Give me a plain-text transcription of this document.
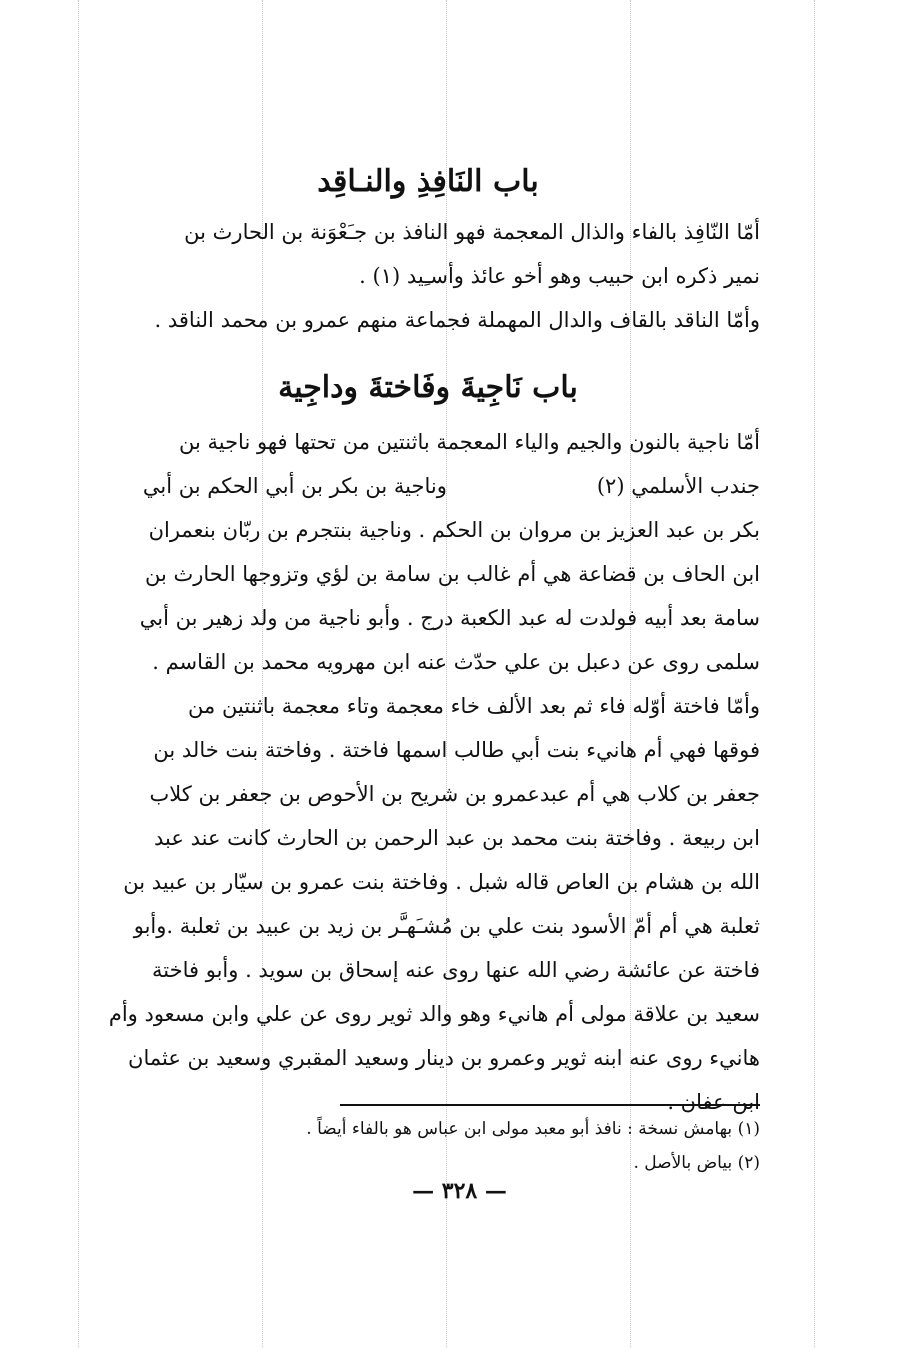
باب النَافِذِ والنـاقِد

أمّا النّافِذ بالفاء والذال المعجمة فهو النافذ بن جـَعْوَنة بن الحارث بن

نمير ذكره ابن حبيب وهو أخو عائذ وأسـِيد (١) .

وأمّا الناقد بالقاف والدال المهملة فجماعة منهم عمرو بن محمد الناقد .

باب نَاجِيةَ وفَاختةَ وداجِية

أمّا ناجية بالنون والجيم والياء المعجمة باثنتين من تحتها فهو ناجية بن

جندب الأسلمي (٢)وناجية بن بكر بن أبي الحكم بن أبي

بكر بن عبد العزيز بن مروان بن الحكم . وناجية بنتجرم بن ربّان بنعمران

ابن الحاف بن قضاعة هي أم غالب بن سامة بن لؤي وتزوجها الحارث بن

سامة بعد أبيه فولدت له عبد الكعبة درج . وأبو ناجية من ولد زهير بن أبي

سلمى روى عن دعبل بن علي حدّث عنه ابن مهرويه محمد بن القاسم .

وأمّا فاختة أوّله فاء ثم بعد الألف خاء معجمة وتاء معجمة باثنتين من

فوقها فهي أم هانيء بنت أبي طالب اسمها فاختة . وفاختة بنت خالد بن

جعفر بن كلاب هي أم عبدعمرو بن شريح بن الأحوص بن جعفر بن كلاب

ابن ربيعة . وفاختة بنت محمد بن عبد الرحمن بن الحارث كانت عند عبد

الله بن هشام بن العاص قاله شبل . وفاختة بنت عمرو بن سيّار بن عبيد بن

ثعلبة هي أم أمّ الأسود بنت علي بن مُشـَهـَّر بن زيد بن عبيد بن ثعلبة .وأبو

فاختة عن عائشة رضي الله عنها روى عنه إسحاق بن سويد . وأبو فاختة

سعيد بن علاقة مولى أم هانيء وهو والد ثوير روى عن علي وابن مسعود وأم

هانيء روى عنه ابنه ثوير وعمرو بن دينار وسعيد المقبري وسعيد بن عثمان

ابن عفان .

(١) بهامش نسخة : نافذ أبو معبد مولى ابن عباس هو بالفاء أيضاً .
(٢) بياض بالأصل .
— ٣٢٨ —
